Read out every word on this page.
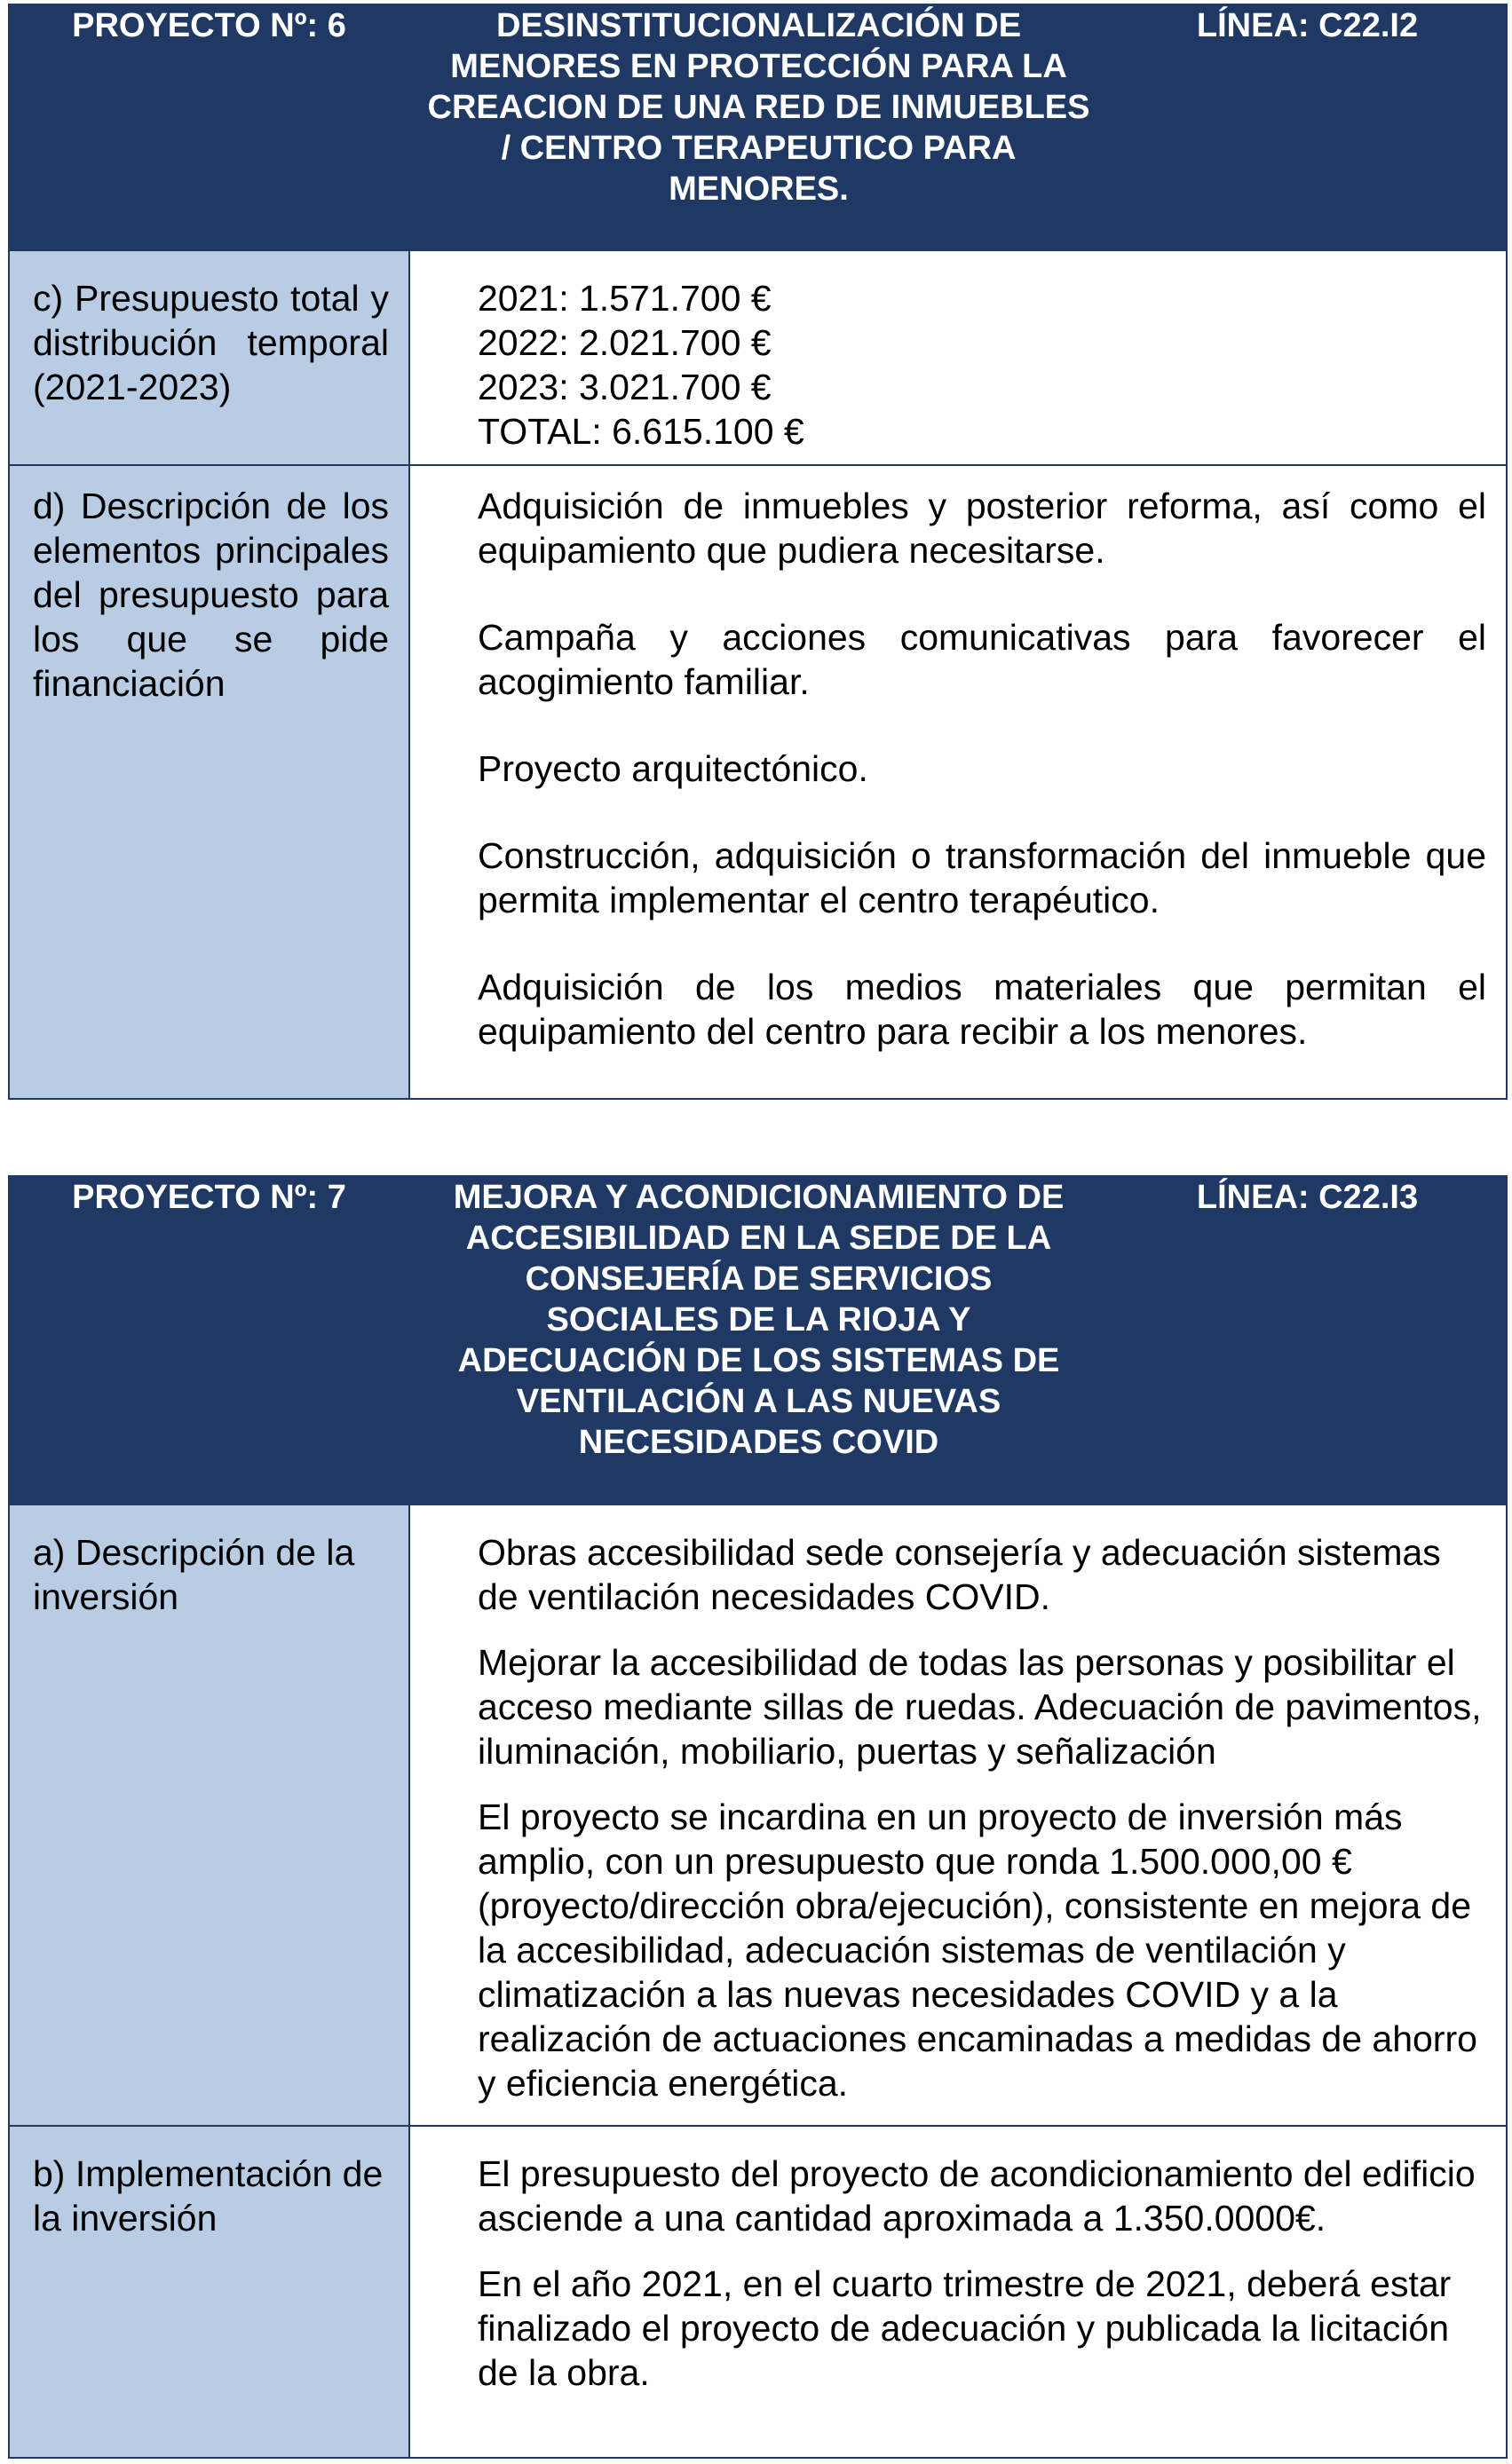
PROYECTO Nº: 6	DESINSTITUCIONALIZACIÓN DE MENORES EN PROTECCIÓN PARA LA CREACION DE UNA RED DE INMUEBLES / CENTRO TERAPEUTICO PARA MENORES.	LÍNEA: C22.I2

c) Presupuesto total y distribución temporal (2021-2023)	2021: 1.571.700 €
2022: 2.021.700 €
2023: 3.021.700 €
TOTAL: 6.615.100 €	

d) Descripción de los elementos principales del presupuesto para los que se pide financiación	Adquisición de inmuebles y posterior reforma, así como el equipamiento que pudiera necesitarse.

Campaña y acciones comunicativas para favorecer el acogimiento familiar.

Proyecto arquitectónico.

Construcción, adquisición o transformación del inmueble que permita implementar el centro terapéutico.

Adquisición de los medios materiales que permitan el equipamiento del centro para recibir a los menores.	

PROYECTO Nº: 7	MEJORA Y ACONDICIONAMIENTO DE ACCESIBILIDAD EN LA SEDE DE LA CONSEJERÍA DE SERVICIOS SOCIALES DE LA RIOJA Y ADECUACIÓN DE LOS SISTEMAS DE VENTILACIÓN A LAS NUEVAS NECESIDADES COVID	LÍNEA: C22.I3

a) Descripción de la inversión	Obras accesibilidad sede consejería y adecuación sistemas de ventilación necesidades COVID.

Mejorar la accesibilidad de todas las personas y posibilitar el acceso mediante sillas de ruedas. Adecuación de pavimentos, iluminación, mobiliario, puertas y señalización

El proyecto se incardina en un proyecto de inversión más amplio, con un presupuesto que ronda 1.500.000,00 € (proyecto/dirección obra/ejecución), consistente en mejora de la accesibilidad, adecuación sistemas de ventilación y climatización a las nuevas necesidades COVID y a la realización de actuaciones encaminadas a medidas de ahorro y eficiencia energética.	

b) Implementación de la inversión	El presupuesto del proyecto de acondicionamiento del edificio asciende a una cantidad aproximada a 1.350.0000€.

En el año 2021, en el cuarto trimestre de 2021, deberá estar finalizado el proyecto de adecuación y publicada la licitación de la obra.	
